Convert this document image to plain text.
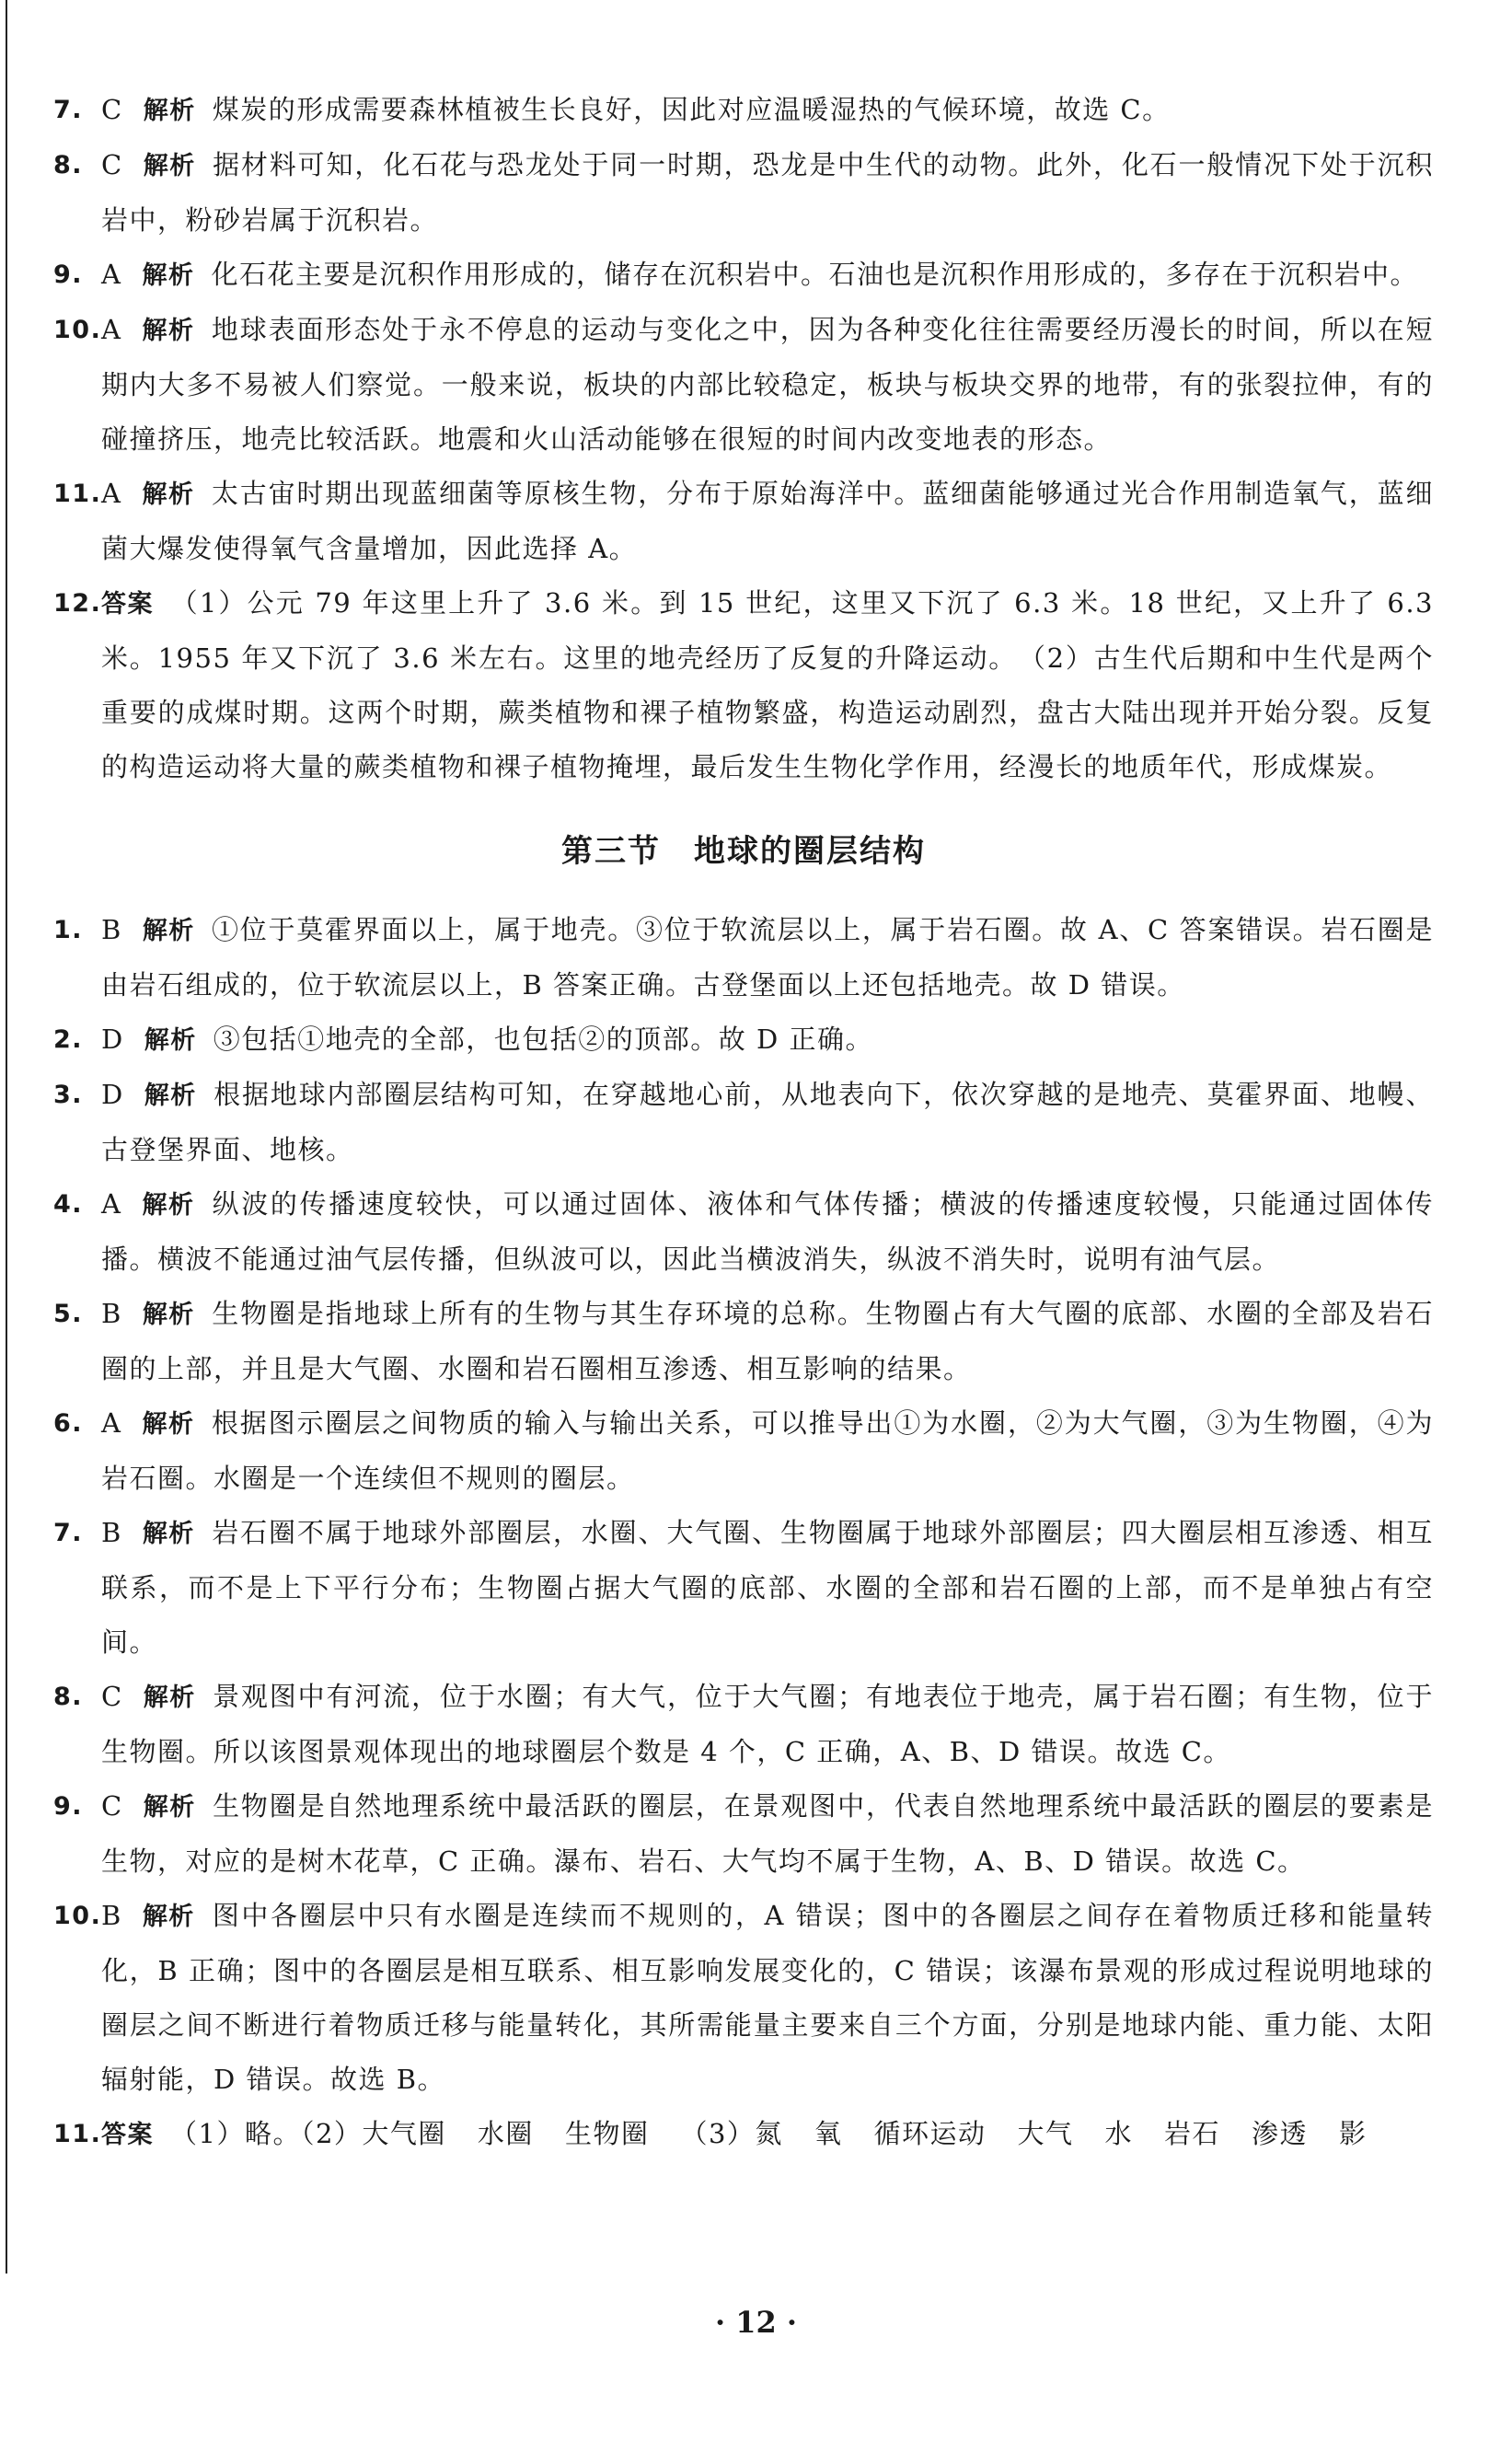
7. C 解析 煤炭的形成需要森林植被生长良好，因此对应温暖湿热的气候环境，故选 C。
8. C 解析 据材料可知，化石花与恐龙处于同一时期，恐龙是中生代的动物。此外，化石一般情况下处于沉积岩中，粉砂岩属于沉积岩。
9. A 解析 化石花主要是沉积作用形成的，储存在沉积岩中。石油也是沉积作用形成的，多存在于沉积岩中。
10. A 解析 地球表面形态处于永不停息的运动与变化之中，因为各种变化往往需要经历漫长的时间，所以在短期内大多不易被人们察觉。一般来说，板块的内部比较稳定，板块与板块交界的地带，有的张裂拉伸，有的碰撞挤压，地壳比较活跃。地震和火山活动能够在很短的时间内改变地表的形态。
11. A 解析 太古宙时期出现蓝细菌等原核生物，分布于原始海洋中。蓝细菌能够通过光合作用制造氧气，蓝细菌大爆发使得氧气含量增加，因此选择 A。
12. 答案 （1）公元 79 年这里上升了 3.6 米。到 15 世纪，这里又下沉了 6.3 米。18 世纪，又上升了 6.3 米。1955 年又下沉了 3.6 米左右。这里的地壳经历了反复的升降运动。　（2）古生代后期和中生代是两个重要的成煤时期。这两个时期，蕨类植物和裸子植物繁盛，构造运动剧烈，盘古大陆出现并开始分裂。反复的构造运动将大量的蕨类植物和裸子植物掩埋，最后发生生物化学作用，经漫长的地质年代，形成煤炭。
第三节　地球的圈层结构
1. B 解析 ①位于莫霍界面以上，属于地壳。③位于软流层以上，属于岩石圈。故 A、C 答案错误。岩石圈是由岩石组成的，位于软流层以上，B 答案正确。古登堡面以上还包括地壳。故 D 错误。
2. D 解析 ③包括①地壳的全部，也包括②的顶部。故 D 正确。
3. D 解析 根据地球内部圈层结构可知，在穿越地心前，从地表向下，依次穿越的是地壳、莫霍界面、地幔、古登堡界面、地核。
4. A 解析 纵波的传播速度较快，可以通过固体、液体和气体传播；横波的传播速度较慢，只能通过固体传播。横波不能通过油气层传播，但纵波可以，因此当横波消失，纵波不消失时，说明有油气层。
5. B 解析 生物圈是指地球上所有的生物与其生存环境的总称。生物圈占有大气圈的底部、水圈的全部及岩石圈的上部，并且是大气圈、水圈和岩石圈相互渗透、相互影响的结果。
6. A 解析 根据图示圈层之间物质的输入与输出关系，可以推导出①为水圈，②为大气圈，③为生物圈，④为岩石圈。水圈是一个连续但不规则的圈层。
7. B 解析 岩石圈不属于地球外部圈层，水圈、大气圈、生物圈属于地球外部圈层；四大圈层相互渗透、相互联系，而不是上下平行分布；生物圈占据大气圈的底部、水圈的全部和岩石圈的上部，而不是单独占有空间。
8. C 解析 景观图中有河流，位于水圈；有大气，位于大气圈；有地表位于地壳，属于岩石圈；有生物，位于生物圈。所以该图景观体现出的地球圈层个数是 4 个，C 正确，A、B、D 错误。故选 C。
9. C 解析 生物圈是自然地理系统中最活跃的圈层，在景观图中，代表自然地理系统中最活跃的圈层的要素是生物，对应的是树木花草，C 正确。瀑布、岩石、大气均不属于生物，A、B、D 错误。故选 C。
10. B 解析 图中各圈层中只有水圈是连续而不规则的，A 错误；图中的各圈层之间存在着物质迁移和能量转化，B 正确；图中的各圈层是相互联系、相互影响发展变化的，C 错误；该瀑布景观的形成过程说明地球的圈层之间不断进行着物质迁移与能量转化，其所需能量主要来自三个方面，分别是地球内能、重力能、太阳辐射能，D 错误。故选 B。
11. 答案 （1）略。（2）大气圈 水圈 生物圈 （3）氮 氧 循环运动 大气 水 岩石 渗透 影
· 12 ·
